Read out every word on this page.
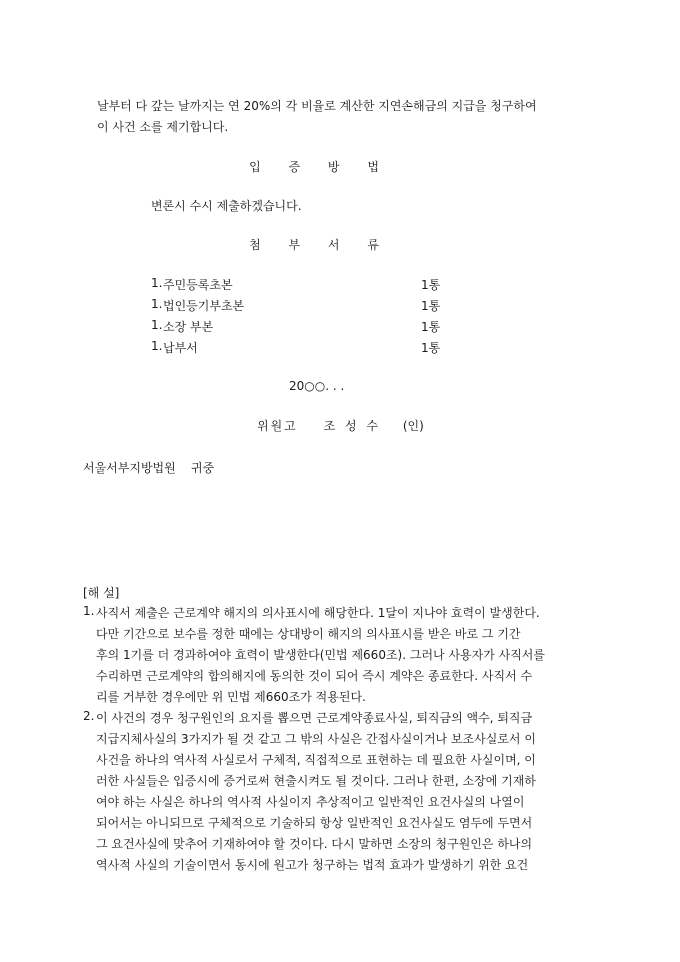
날부터 다 갚는 날까지는 연 20%의 각 비율로 계산한 지연손해금의 지급을 청구하여
이 사건 소를 제기합니다.
입 증 방 법
변론시 수시 제출하겠습니다.
첨 부 서 류
1. 주민등록초본	1통
1. 법인등기부초본	1통
1. 소장 부본	1통
1. 납부서	1통
20○○. . .
위원고 조 성 수 (인)
서울서부지방법원    귀중
[해 설]
1. 사직서 제출은 근로계약 해지의 의사표시에 해당한다. 1달이 지나야 효력이 발생한다.
다만 기간으로 보수를 정한 때에는 상대방이 해지의 의사표시를 받은 바로 그 기간
후의 1기를 더 경과하여야 효력이 발생한다(민법 제660조). 그러나 사용자가 사직서를
수리하면 근로계약의 합의해지에 동의한 것이 되어 즉시 계약은 종료한다. 사직서 수
리를 거부한 경우에만 위 민법 제660조가 적용된다.
2. 이 사건의 경우 청구원인의 요지를 뽑으면 근로계약종료사실, 퇴직금의 액수, 퇴직금
지급지체사실의 3가지가 될 것 같고 그 밖의 사실은 간접사실이거나 보조사실로서 이
사건을 하나의 역사적 사실로서 구체적, 직접적으로 표현하는 데 필요한 사실이며, 이
러한 사실들은 입증시에 증거로써 현출시켜도 될 것이다. 그러나 한편, 소장에 기재하
여야 하는 사실은 하나의 역사적 사실이지 추상적이고 일반적인 요건사실의 나열이
되어서는 아니되므로 구체적으로 기술하되 항상 일반적인 요건사실도 염두에 두면서
그 요건사실에 맞추어 기재하여야 할 것이다. 다시 말하면 소장의 청구원인은 하나의
역사적 사실의 기술이면서 동시에 원고가 청구하는 법적 효과가 발생하기 위한 요건
